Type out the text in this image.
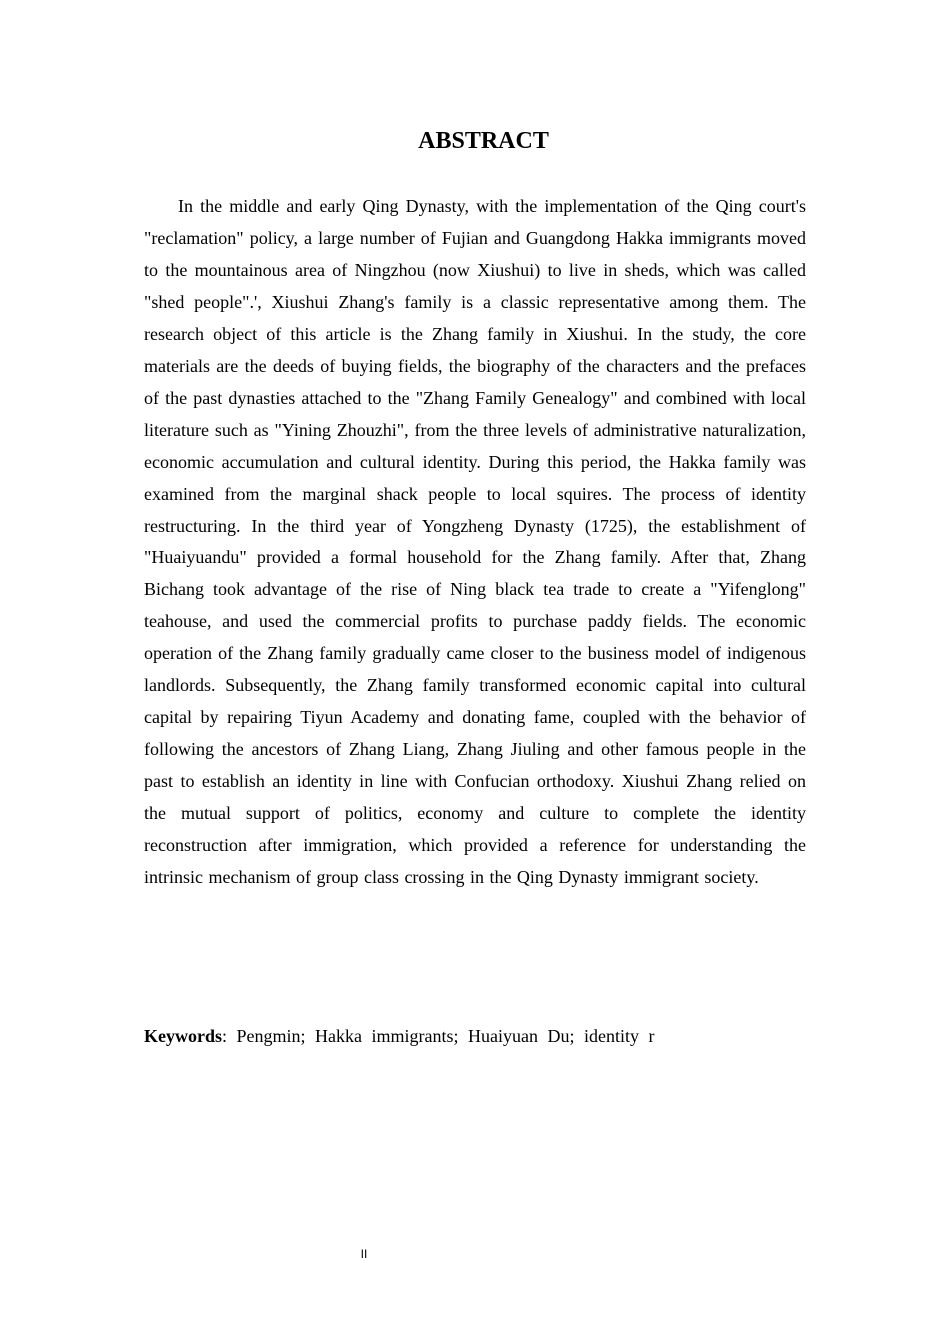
ABSTRACT

In the middle and early Qing Dynasty, with the implementation of the Qing court's "reclamation" policy, a large number of Fujian and Guangdong Hakka immigrants moved to the mountainous area of Ningzhou (now Xiushui) to live in sheds, which was called "shed people".', Xiushui Zhang's family is a classic representative among them. The research object of this article is the Zhang family in Xiushui. In the study, the core materials are the deeds of buying fields, the biography of the characters and the prefaces of the past dynasties attached to the "Zhang Family Genealogy" and combined with local literature such as "Yining Zhouzhi", from the three levels of administrative naturalization, economic accumulation and cultural identity. During this period, the Hakka family was examined from the marginal shack people to local squires. The process of identity restructuring. In the third year of Yongzheng Dynasty (1725), the establishment of "Huaiyuandu" provided a formal household for the Zhang family. After that, Zhang Bichang took advantage of the rise of Ning black tea trade to create a "Yifenglong" teahouse, and used the commercial profits to purchase paddy fields. The economic operation of the Zhang family gradually came closer to the business model of indigenous landlords. Subsequently, the Zhang family transformed economic capital into cultural capital by repairing Tiyun Academy and donating fame, coupled with the behavior of following the ancestors of Zhang Liang, Zhang Jiuling and other famous people in the past to establish an identity in line with Confucian orthodoxy. Xiushui Zhang relied on the mutual support of politics, economy and culture to complete the identity reconstruction after immigration, which provided a reference for understanding the intrinsic mechanism of group class crossing in the Qing Dynasty immigrant society.

Keywords: Pengmin; Hakka immigrants; Huaiyuan Du; identity r

II
